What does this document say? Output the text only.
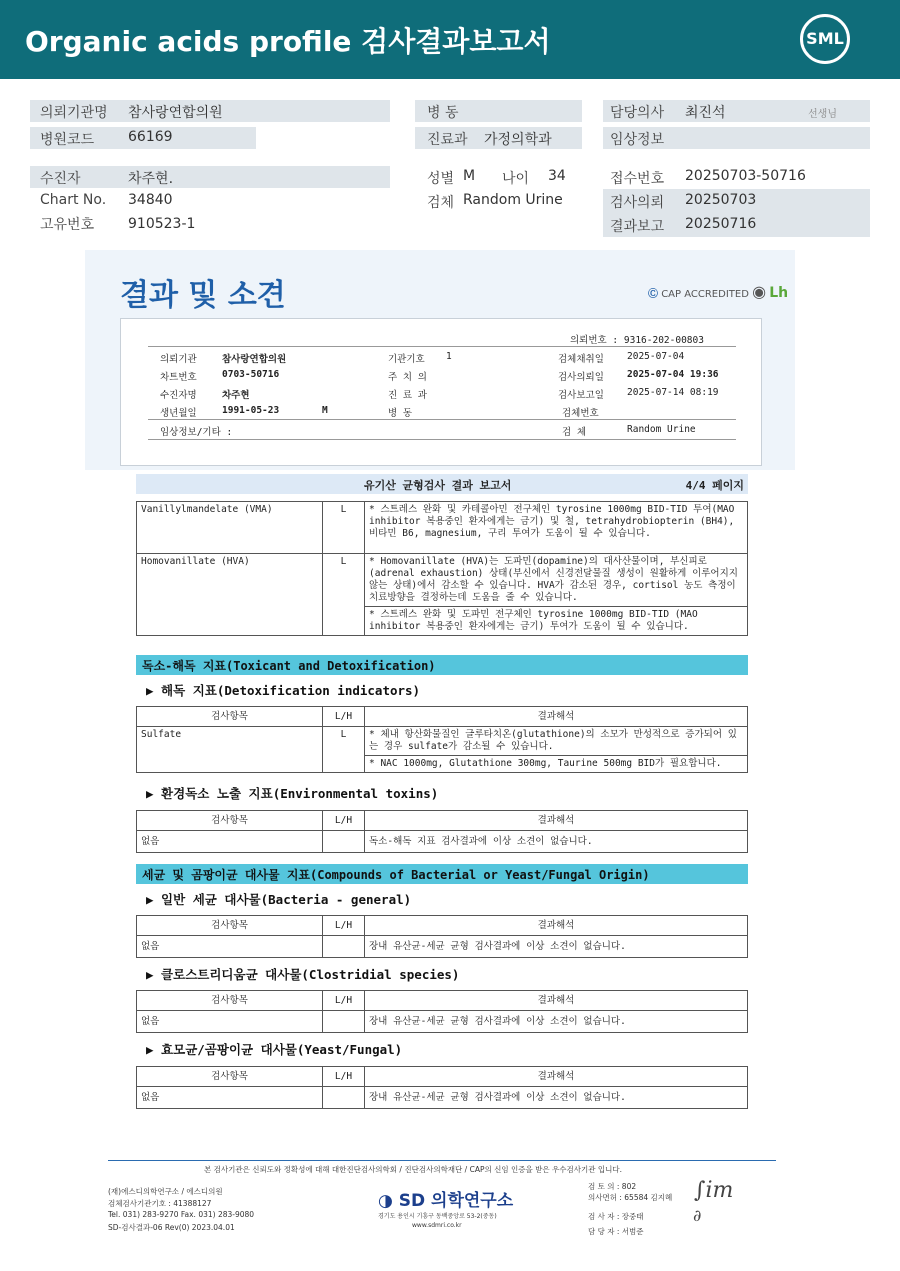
Organic acids profile 검사결과보고서	SML
의뢰기관명 참사랑연합의원
병원코드 66169
병 동
진료과 가정의학과
담당의사 최진석	선생님
임상정보
수진자	차주현.
Chart No. 34840
고유번호 910523-1
성별 M 나이 34
검체 Random Urine
접수번호 20250703-50716
검사의뢰 20250703
결과보고 20250716
결과 및 소견	Ⓒ CAP ACCREDITED ◉ Lh
의뢰번호 : 9316-202-00803
의뢰기관	참사랑연합의원	기관기호 1	검체채취일 2025-07-04
차트번호	0703-50716	주 치 의	검사의뢰일 2025-07-04 19:36
수진자명	차주현	진 료 과	검사보고일 2025-07-14 08:19
생년월일	1991-05-23	M	병 동	검체번호
임상정보/기타 :	검 체	Random Urine
유기산 균형검사 결과 보고서	4/4 페이지
Vanillylmandelate (VMA)	L	* 스트레스 완화 및 카테콜아민 전구체인 tyrosine 1000mg BID-TID 투여(MAO inhibitor 복용중인 환자에게는 금기) 및 철, tetrahydrobiopterin (BH4), 비타민 B6, magnesium, 구리 투여가 도움이 될 수 있습니다.
Homovanillate (HVA)	L	* Homovanillate (HVA)는 도파민(dopamine)의 대사산물이며, 부신피로(adrenal exhaustion) 상태(부신에서 신경전달물질 생성이 원활하게 이루어지지 않는 상태)에서 감소할 수 있습니다. HVA가 감소된 경우, cortisol 농도 측정이 치료방향을 결정하는데 도움을 줄 수 있습니다.
		* 스트레스 완화 및 도파민 전구체인 tyrosine 1000mg BID-TID (MAO inhibitor 복용중인 환자에게는 금기) 투여가 도움이 될 수 있습니다.
독소-해독 지표(Toxicant and Detoxification)
▶ 해독 지표(Detoxification indicators)
검사항목	L/H	결과해석
Sulfate	L	* 체내 항산화물질인 글루타치온(glutathione)의 소모가 만성적으로 증가되어 있는 경우 sulfate가 감소될 수 있습니다.
		* NAC 1000mg, Glutathione 300mg, Taurine 500mg BID가 필요합니다.
▶ 환경독소 노출 지표(Environmental toxins)
검사항목	L/H	결과해석
없음		독소-해독 지표 검사결과에 이상 소견이 없습니다.
세균 및 곰팡이균 대사물 지표(Compounds of Bacterial or Yeast/Fungal Origin)
▶ 일반 세균 대사물(Bacteria - general)
검사항목	L/H	결과해석
없음		장내 유산균-세균 균형 검사결과에 이상 소견이 없습니다.
▶ 클로스트리디움균 대사물(Clostridial species)
검사항목	L/H	결과해석
없음		장내 유산균-세균 균형 검사결과에 이상 소견이 없습니다.
▶ 효모균/곰팡이균 대사물(Yeast/Fungal)
검사항목	L/H	결과해석
없음		장내 유산균-세균 균형 검사결과에 이상 소견이 없습니다.
본 검사기관은 신뢰도와 정확성에 대해 대한진단검사의학회 / 진단검사의학재단 / CAP의 신임 인증을 받은 우수검사기관 입니다.
(재)에스디의학연구소 / 에스디의원
검체검사기관기호 : 41388127
Tel. 031) 283-9270 Fax. 031) 283-9080
SD-검사결과-06 Rev(0) 2023.04.01
◑ SD 의학연구소
경기도 용인시 기흥구 동백중앙로 53-2(중동)
www.sdmri.co.kr
검 토 의 : 802
의사면허 : 65584 김지혜
검 사 자 : 장중태
담 당 자 : 서범준
∫im
∂
